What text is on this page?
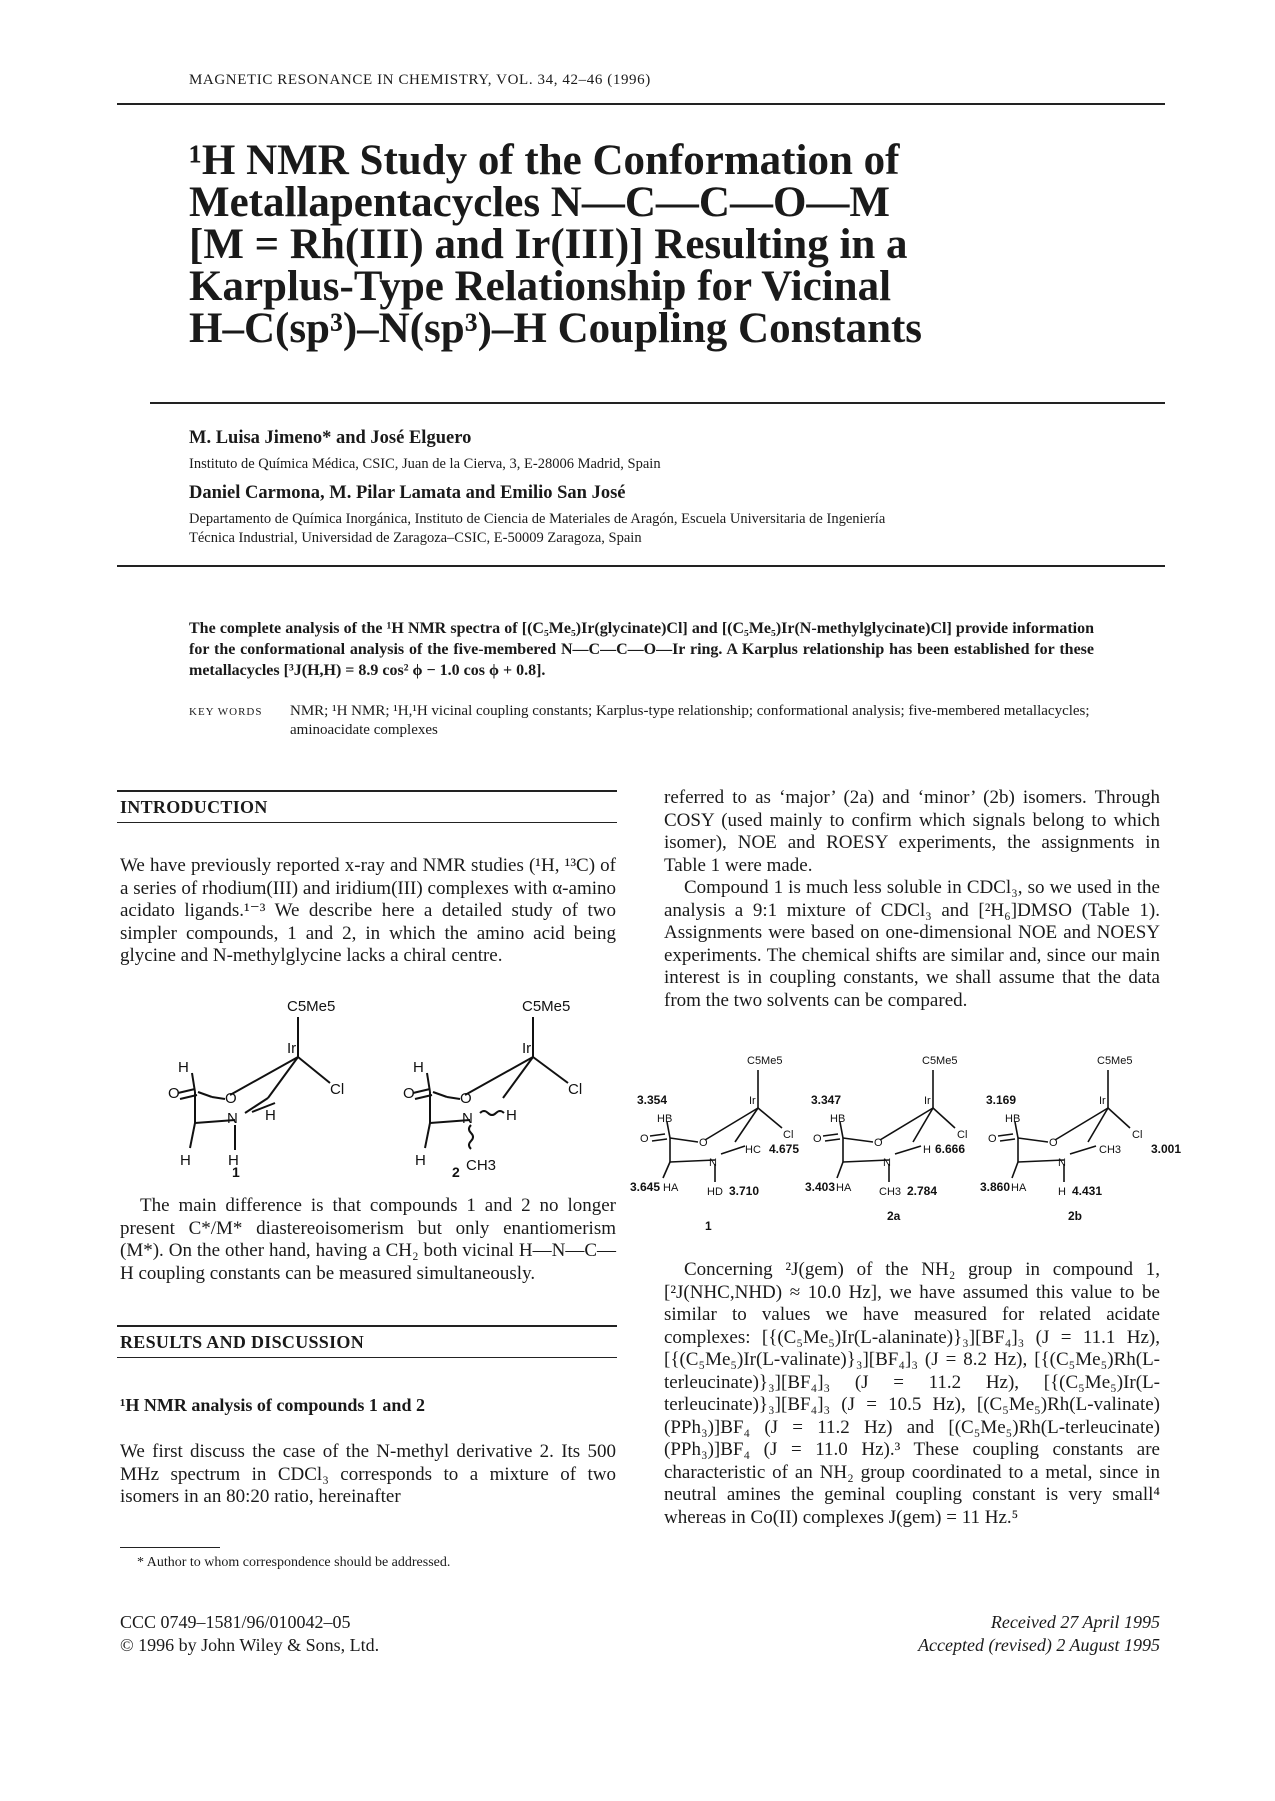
MAGNETIC RESONANCE IN CHEMISTRY, VOL. 34, 42–46 (1996)
¹H NMR Study of the Conformation of
Metallapentacycles N—C—C—O—M
[M = Rh(III) and Ir(III)] Resulting in a
Karplus-Type Relationship for Vicinal
H–C(sp³)–N(sp³)–H Coupling Constants
M. Luisa Jimeno* and José Elguero
Instituto de Química Médica, CSIC, Juan de la Cierva, 3, E-28006 Madrid, Spain
Daniel Carmona, M. Pilar Lamata and Emilio San José
Departamento de Química Inorgánica, Instituto de Ciencia de Materiales de Aragón, Escuela Universitaria de Ingeniería
Técnica Industrial, Universidad de Zaragoza–CSIC, E-50009 Zaragoza, Spain
The complete analysis of the ¹H NMR spectra of [(C₅Me₅)Ir(glycinate)Cl] and [(C₅Me₅)Ir(N-methylglycinate)Cl] provide information for the conformational analysis of the five-membered N—C—C—O—Ir ring. A Karplus relationship has been established for these metallacycles [³J(H,H) = 8.9 cos² ϕ − 1.0 cos ϕ + 0.8].
KEY WORDS NMR; ¹H NMR; ¹H,¹H vicinal coupling constants; Karplus-type relationship; conformational analysis; five-membered metallacycles; aminoacidate complexes
INTRODUCTION
We have previously reported x-ray and NMR studies (¹H, ¹³C) of a series of rhodium(III) and iridium(III) complexes with α-amino acidato ligands.¹⁻³ We describe here a detailed study of two simpler compounds, 1 and 2, in which the amino acid being glycine and N-methylglycine lacks a chiral centre.
C5Me5
Ir
Cl
O	O
N
H
H
H H
C5Me5
Ir
Cl
O	O
N
H
H
H	CH3
1	2
The main difference is that compounds 1 and 2 no longer present C*/M* diastereoisomerism but only enantiomerism (M*). On the other hand, having a CH₂ both vicinal H—N—C—H coupling constants can be measured simultaneously.
RESULTS AND DISCUSSION
¹H NMR analysis of compounds 1 and 2
We first discuss the case of the N-methyl derivative 2. Its 500 MHz spectrum in CDCl₃ corresponds to a mixture of two isomers in an 80:20 ratio, hereinafter
* Author to whom correspondence should be addressed.
CCC 0749–1581/96/010042–05
© 1996 by John Wiley & Sons, Ltd.
referred to as ‘major’ (2a) and ‘minor’ (2b) isomers. Through COSY (used mainly to confirm which signals belong to which isomer), NOE and ROESY experiments, the assignments in Table 1 were made.
Compound 1 is much less soluble in CDCl₃, so we used in the analysis a 9:1 mixture of CDCl₃ and [²H₆]DMSO (Table 1). Assignments were based on one-dimensional NOE and NOESY experiments. The chemical shifts are similar and, since our main interest is in coupling constants, we shall assume that the data from the two solvents can be compared.
C5Me5
Ir
Cl
O	O
N
HB
HA
HC
HD
C5Me5
Ir
Cl
O	O
N
HB
HA
H
CH3
C5Me5
Ir
Cl
O	O
N
HB
HA
CH3
H
3.354
3.645
4.675
3.710
3.347
3.403
6.666
2.784
3.169
3.860
3.001
4.431
1
2a	2b
Concerning ²J(gem) of the NH₂ group in compound 1, [²J(NHC,NHD) ≈ 10.0 Hz], we have assumed this value to be similar to values we have measured for related acidate complexes: [{(C₅Me₅)Ir(L-alaninate)}₃][BF₄]₃ (J = 11.1 Hz), [{(C₅Me₅)Ir(L-valinate)}₃][BF₄]₃ (J = 8.2 Hz), [{(C₅Me₅)Rh(L-terleucinate)}₃][BF₄]₃ (J = 11.2 Hz), [{(C₅Me₅)Ir(L-terleucinate)}₃][BF₄]₃ (J = 10.5 Hz), [(C₅Me₅)Rh(L-valinate)(PPh₃)]BF₄ (J = 11.2 Hz) and [(C₅Me₅)Rh(L-terleucinate)(PPh₃)]BF₄ (J = 11.0 Hz).³ These coupling constants are characteristic of an NH₂ group coordinated to a metal, since in neutral amines the geminal coupling constant is very small⁴ whereas in Co(II) complexes J(gem) = 11 Hz.⁵
Received 27 April 1995
Accepted (revised) 2 August 1995
